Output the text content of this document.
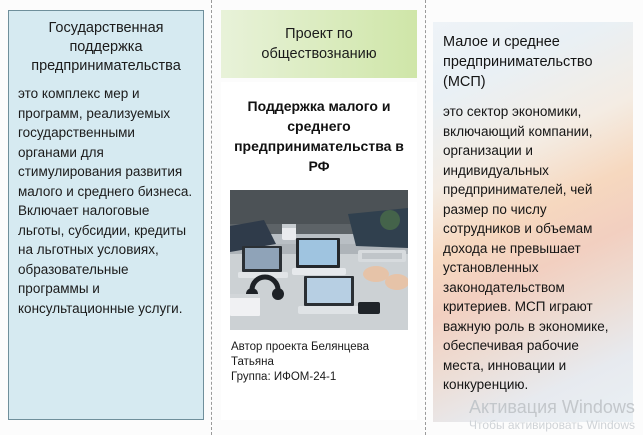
Государственная поддержка предпринимательства
это комплекс мер и программ, реализуемых государственными органами для стимулирования развития малого и среднего бизнеса. Включает налоговые льготы, субсидии, кредиты на льготных условиях, образовательные программы и консультационные услуги.
Проект по обществознанию
Поддержка малого и среднего предпринимательства в РФ
Автор проекта Белянцева Татьяна
Группа: ИФОМ-24-1
Малое и среднее предпринимательство (МСП)
это сектор экономики, включающий компании, организации и индивидуальных предпринимателей, чей размер по числу сотрудников и объемам дохода не превышает установленных законодательством критериев. МСП играют важную роль в экономике, обеспечивая рабочие места, инновации и конкуренцию.
Активация Windows
Чтобы активировать Windows
